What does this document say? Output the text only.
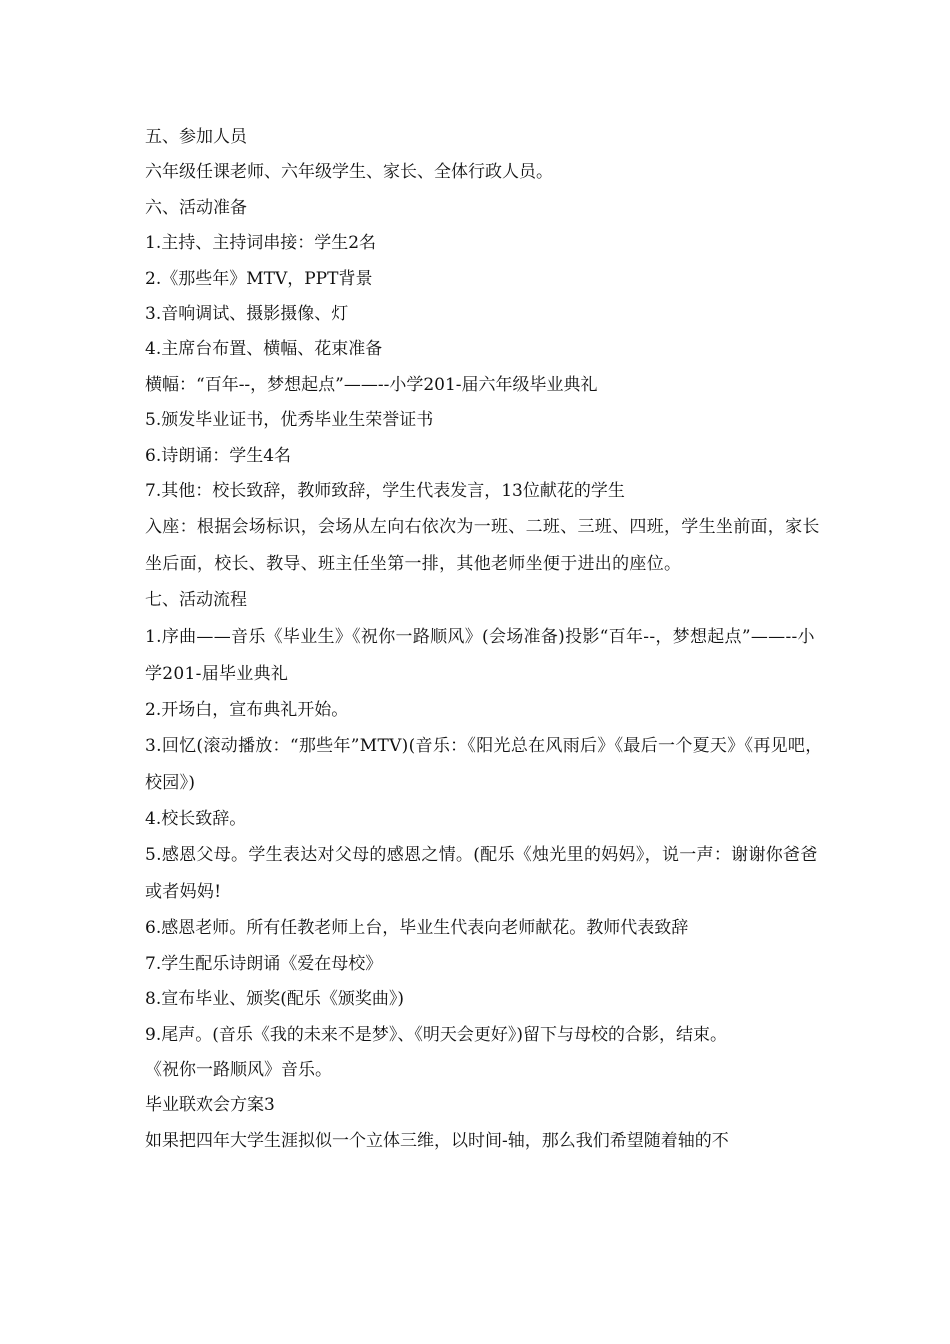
五、参加人员
六年级任课老师、六年级学生、家长、全体行政人员。
六、活动准备
1.主持、主持词串接：学生2名
2.《那些年》MTV，PPT背景
3.音响调试、摄影摄像、灯
4.主席台布置、横幅、花束准备
横幅：“百年--，梦想起点”——--小学201-届六年级毕业典礼
5.颁发毕业证书，优秀毕业生荣誉证书
6.诗朗诵：学生4名
7.其他：校长致辞，教师致辞，学生代表发言，13位献花的学生
入座：根据会场标识，会场从左向右依次为一班、二班、三班、四班，学生坐前面，家长坐后面，校长、教导、班主任坐第一排，其他老师坐便于进出的座位。
七、活动流程
1.序曲——音乐《毕业生》《祝你一路顺风》(会场准备)投影“百年--，梦想起点”——--小学201-届毕业典礼
2.开场白，宣布典礼开始。
3.回忆(滚动播放：“那些年”MTV)(音乐：《阳光总在风雨后》《最后一个夏天》《再见吧，校园》)
4.校长致辞。
5.感恩父母。学生表达对父母的感恩之情。(配乐《烛光里的妈妈》，说一声：谢谢你爸爸或者妈妈!
6.感恩老师。所有任教老师上台，毕业生代表向老师献花。教师代表致辞
7.学生配乐诗朗诵《爱在母校》
8.宣布毕业、颁奖(配乐《颁奖曲》)
9.尾声。(音乐《我的未来不是梦》、《明天会更好》)留下与母校的合影，结束。
《祝你一路顺风》音乐。
毕业联欢会方案3
如果把四年大学生涯拟似一个立体三维，以时间-轴，那么我们希望随着轴的不
